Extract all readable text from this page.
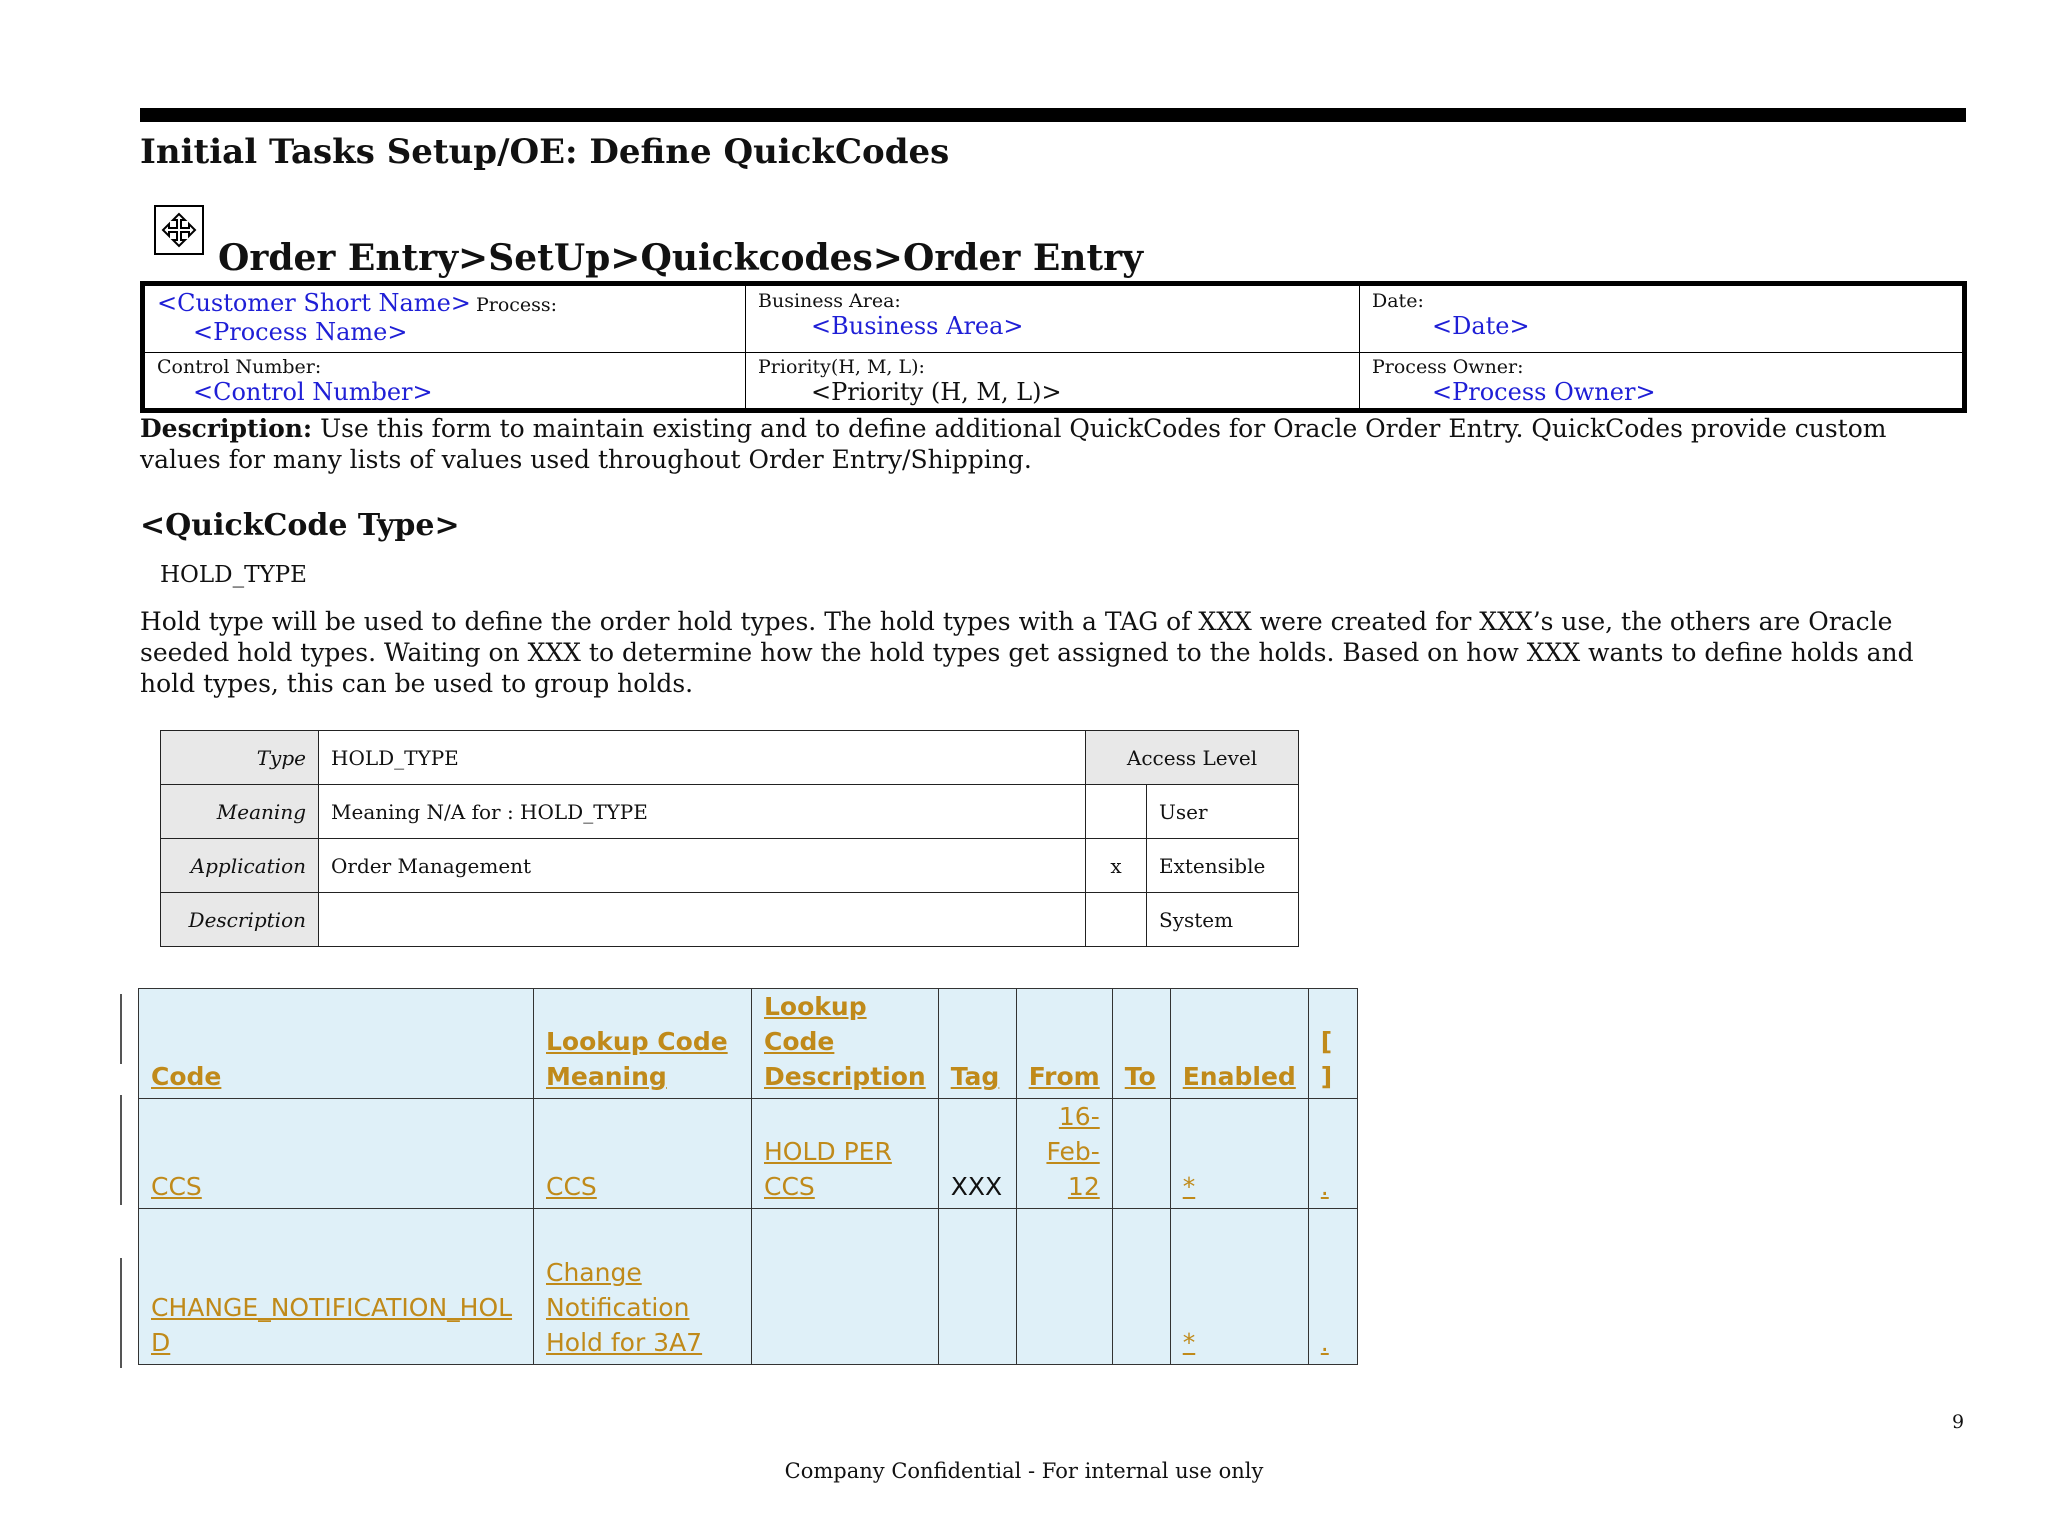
Initial Tasks Setup/OE: Define QuickCodes
Order Entry>SetUp>Quickcodes>Order Entry
<Customer Short Name> Process:
<Process Name>
Business Area:
<Business Area>
Date:
<Date>
Control Number:
<Control Number>
Priority(H, M, L):
<Priority (H, M, L)>
Process Owner:
<Process Owner>
Description: Use this form to maintain existing and to define additional QuickCodes for Oracle Order Entry. QuickCodes provide custom values for many lists of values used throughout Order Entry/Shipping.
<QuickCode Type>
HOLD_TYPE
Hold type will be used to define the order hold types. The hold types with a TAG of XXX were created for XXX’s use, the others are Oracle seeded hold types. Waiting on XXX to determine how the hold types get assigned to the holds. Based on how XXX wants to define holds and hold types, this can be used to group holds.
Type	HOLD_TYPE	Access Level	
Meaning	Meaning N/A for : HOLD_TYPE		User
Application	Order Management	x	Extensible
Description			System
Code	Lookup Code Meaning	Lookup Code Description	Tag	From	To	Enabled	[ ]
CCS	CCS	HOLD PER CCS	XXX	16-Feb-12		*	.
CHANGE_NOTIFICATION_HOLD	Change Notification Hold for 3A7					*	.
9
Company Confidential - For internal use only
